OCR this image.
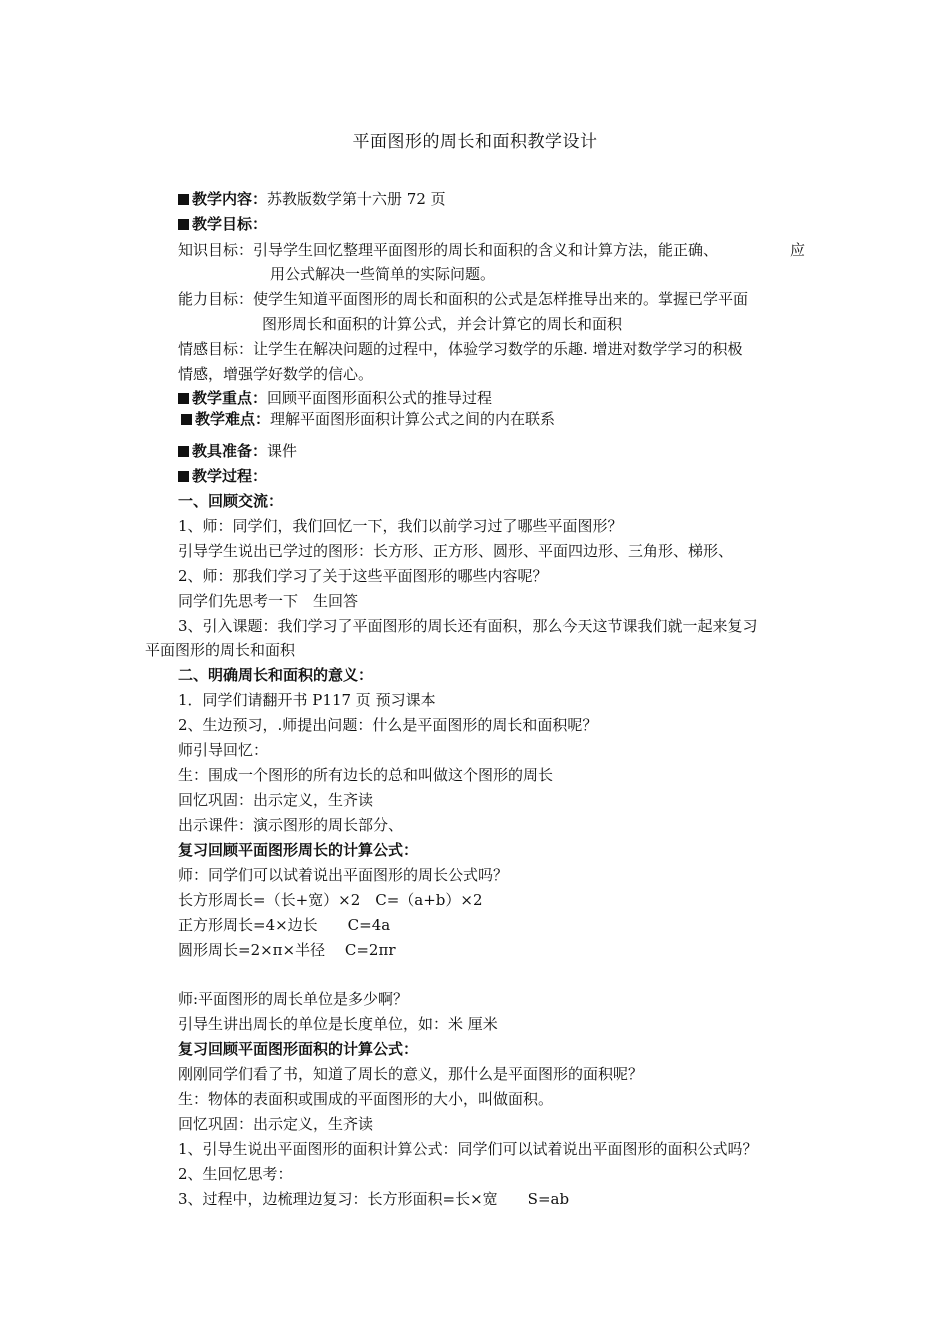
平面图形的周长和面积教学设计
教学内容：苏教版数学第十六册 72 页
教学目标：
知识目标：引导学生回忆整理平面图形的周长和面积的含义和计算方法，能正确、	应
用公式解决一些简单的实际问题。
能力目标：使学生知道平面图形的周长和面积的公式是怎样推导出来的。掌握已学平面
图形周长和面积的计算公式，并会计算它的周长和面积
情感目标：让学生在解决问题的过程中，体验学习数学的乐趣. 增进对数学学习的积极
情感，增强学好数学的信心。
教学重点：回顾平面图形面积公式的推导过程
教学难点：理解平面图形面积计算公式之间的内在联系
教具准备：课件
教学过程：
一、回顾交流：
1、师：同学们，我们回忆一下，我们以前学习过了哪些平面图形？
引导学生说出已学过的图形：长方形、正方形、圆形、平面四边形、三角形、梯形、
2、师：那我们学习了关于这些平面图形的哪些内容呢？
同学们先思考一下　生回答
3、引入课题：我们学习了平面图形的周长还有面积，那么今天这节课我们就一起来复习
平面图形的周长和面积
二、明确周长和面积的意义：
1．同学们请翻开书 P117 页 预习课本
2、生边预习，.师提出问题：什么是平面图形的周长和面积呢？
师引导回忆：
生：围成一个图形的所有边长的总和叫做这个图形的周长
回忆巩固：出示定义，生齐读
出示课件：演示图形的周长部分、
复习回顾平面图形周长的计算公式：
师：同学们可以试着说出平面图形的周长公式吗？
长方形周长=（长+宽）×2　C=（a+b）×2
正方形周长=4×边长　　C=4a
圆形周长=2×π×半径　 C=2πr
师:平面图形的周长单位是多少啊？
引导生讲出周长的单位是长度单位，如：米 厘米
复习回顾平面图形面积的计算公式：
刚刚同学们看了书，知道了周长的意义，那什么是平面图形的面积呢？
生：物体的表面积或围成的平面图形的大小，叫做面积。
回忆巩固：出示定义，生齐读
1、引导生说出平面图形的面积计算公式：同学们可以试着说出平面图形的面积公式吗？
2、生回忆思考：
3、过程中，边梳理边复习：长方形面积=长×宽　　S=ab
